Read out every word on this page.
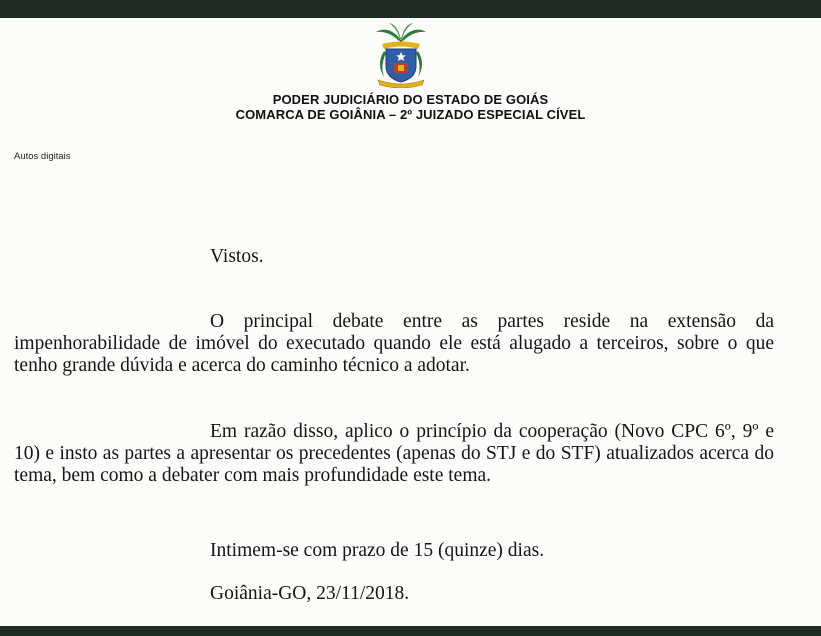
PODER JUDICIÁRIO DO ESTADO DE GOIÁS
COMARCA DE GOIÂNIA – 2º JUIZADO ESPECIAL CÍVEL
Autos digitais
Vistos.

O principal debate entre as partes reside na extensão da impenhorabilidade de imóvel do executado quando ele está alugado a terceiros, sobre o que tenho grande dúvida e acerca do caminho técnico a adotar.

Em razão disso, aplico o princípio da cooperação (Novo CPC 6º, 9º e 10) e insto as partes a apresentar os precedentes (apenas do STJ e do STF) atualizados acerca do tema, bem como a debater com mais profundidade este tema.

Intimem-se com prazo de 15 (quinze) dias.
Goiânia-GO, 23/11/2018.
